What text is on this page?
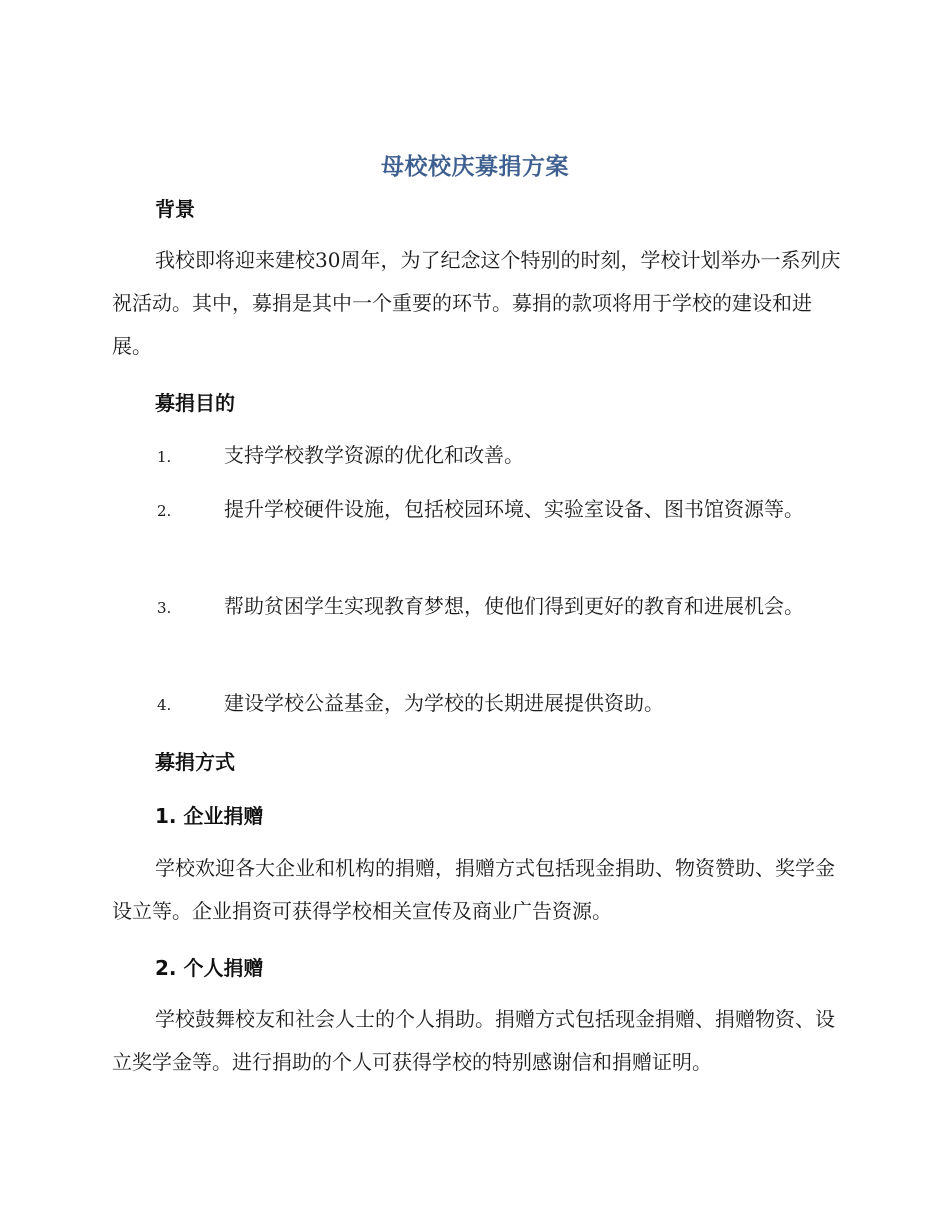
母校校庆募捐方案
背景
我校即将迎来建校30周年，为了纪念这个特别的时刻，学校计划举办一系列庆祝活动。其中，募捐是其中一个重要的环节。募捐的款项将用于学校的建设和进展。
募捐目的
1.	支持学校教学资源的优化和改善。
2.	提升学校硬件设施，包括校园环境、实验室设备、图书馆资源等。
3.	帮助贫困学生实现教育梦想，使他们得到更好的教育和进展机会。
4.	建设学校公益基金，为学校的长期进展提供资助。
募捐方式
1. 企业捐赠
学校欢迎各大企业和机构的捐赠，捐赠方式包括现金捐助、物资赞助、奖学金设立等。企业捐资可获得学校相关宣传及商业广告资源。
2. 个人捐赠
学校鼓舞校友和社会人士的个人捐助。捐赠方式包括现金捐赠、捐赠物资、设立奖学金等。进行捐助的个人可获得学校的特别感谢信和捐赠证明。
